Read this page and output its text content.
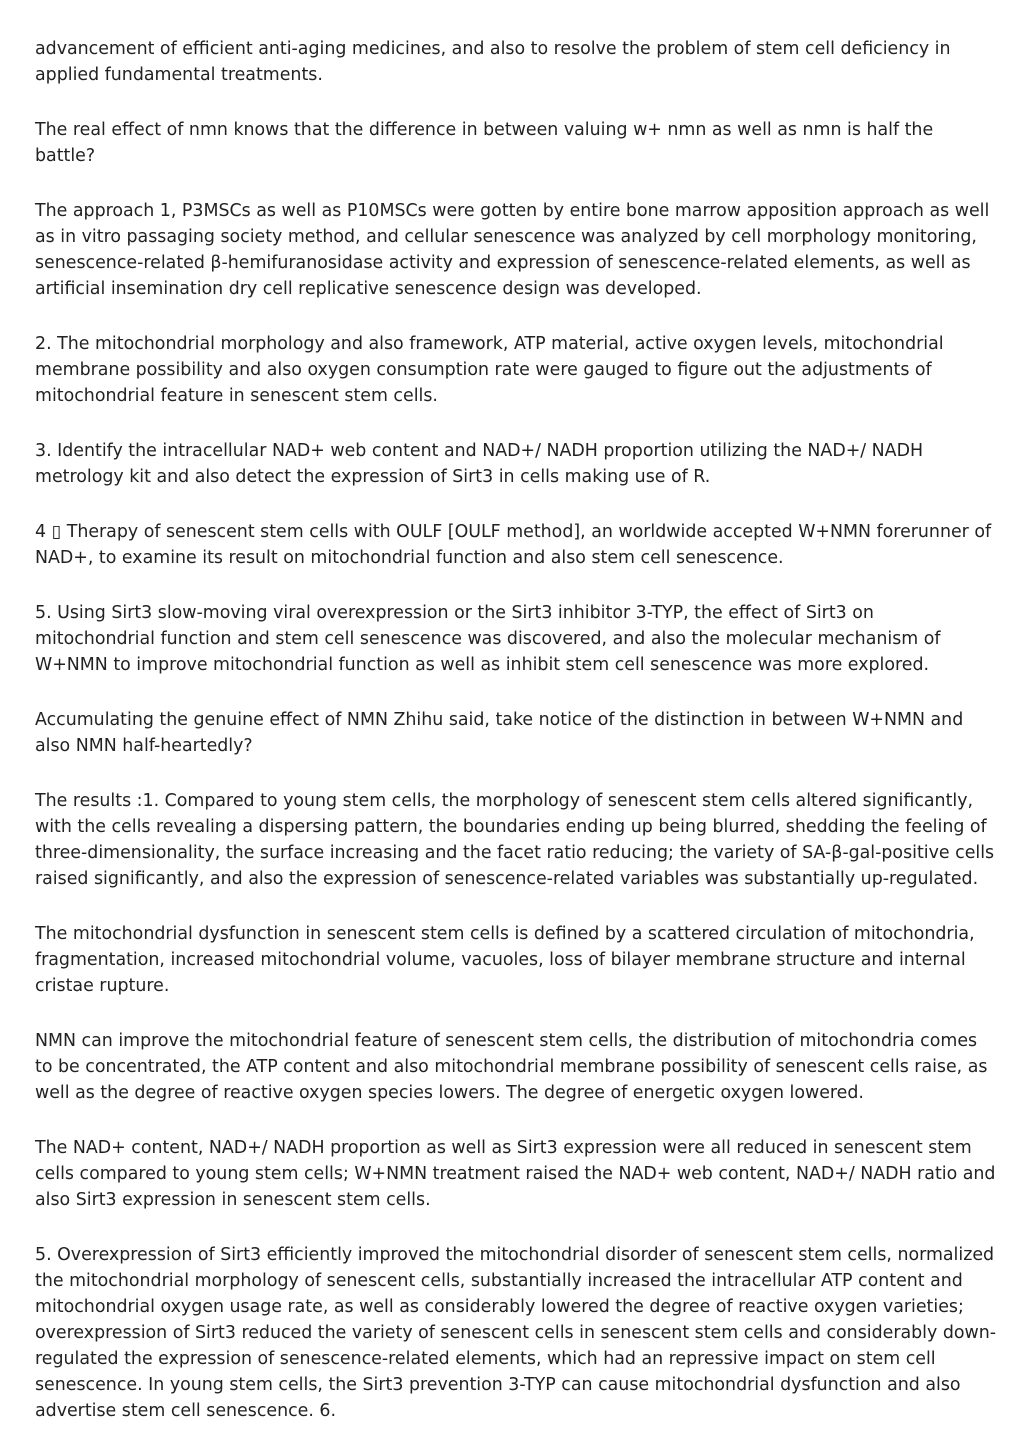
advancement of efficient anti-aging medicines, and also to resolve the problem of stem cell deficiency in applied fundamental treatments.

The real effect of nmn knows that the difference in between valuing w+ nmn as well as nmn is half the battle?

The approach 1, P3MSCs as well as P10MSCs were gotten by entire bone marrow apposition approach as well as in vitro passaging society method, and cellular senescence was analyzed by cell morphology monitoring, senescence-related β-hemifuranosidase activity and expression of senescence-related elements, as well as artificial insemination dry cell replicative senescence design was developed.

2. The mitochondrial morphology and also framework, ATP material, active oxygen levels, mitochondrial membrane possibility and also oxygen consumption rate were gauged to figure out the adjustments of mitochondrial feature in senescent stem cells.

3. Identify the intracellular NAD+ web content and NAD+/ NADH proportion utilizing the NAD+/ NADH metrology kit and also detect the expression of Sirt3 in cells making use of R.

4 ▯ Therapy of senescent stem cells with OULF [OULF method], an worldwide accepted W+NMN forerunner of NAD+, to examine its result on mitochondrial function and also stem cell senescence.

5. Using Sirt3 slow-moving viral overexpression or the Sirt3 inhibitor 3-TYP, the effect of Sirt3 on mitochondrial function and stem cell senescence was discovered, and also the molecular mechanism of W+NMN to improve mitochondrial function as well as inhibit stem cell senescence was more explored.

Accumulating the genuine effect of NMN Zhihu said, take notice of the distinction in between W+NMN and also NMN half-heartedly?

The results :1. Compared to young stem cells, the morphology of senescent stem cells altered significantly, with the cells revealing a dispersing pattern, the boundaries ending up being blurred, shedding the feeling of three-dimensionality, the surface increasing and the facet ratio reducing; the variety of SA-β-gal-positive cells raised significantly, and also the expression of senescence-related variables was substantially up-regulated.

The mitochondrial dysfunction in senescent stem cells is defined by a scattered circulation of mitochondria, fragmentation, increased mitochondrial volume, vacuoles, loss of bilayer membrane structure and internal cristae rupture.

NMN can improve the mitochondrial feature of senescent stem cells, the distribution of mitochondria comes to be concentrated, the ATP content and also mitochondrial membrane possibility of senescent cells raise, as well as the degree of reactive oxygen species lowers. The degree of energetic oxygen lowered.

The NAD+ content, NAD+/ NADH proportion as well as Sirt3 expression were all reduced in senescent stem cells compared to young stem cells; W+NMN treatment raised the NAD+ web content, NAD+/ NADH ratio and also Sirt3 expression in senescent stem cells.

5. Overexpression of Sirt3 efficiently improved the mitochondrial disorder of senescent stem cells, normalized the mitochondrial morphology of senescent cells, substantially increased the intracellular ATP content and mitochondrial oxygen usage rate, as well as considerably lowered the degree of reactive oxygen varieties; overexpression of Sirt3 reduced the variety of senescent cells in senescent stem cells and considerably down-regulated the expression of senescence-related elements, which had an repressive impact on stem cell senescence. In young stem cells, the Sirt3 prevention 3-TYP can cause mitochondrial dysfunction and also advertise stem cell senescence. 6.
